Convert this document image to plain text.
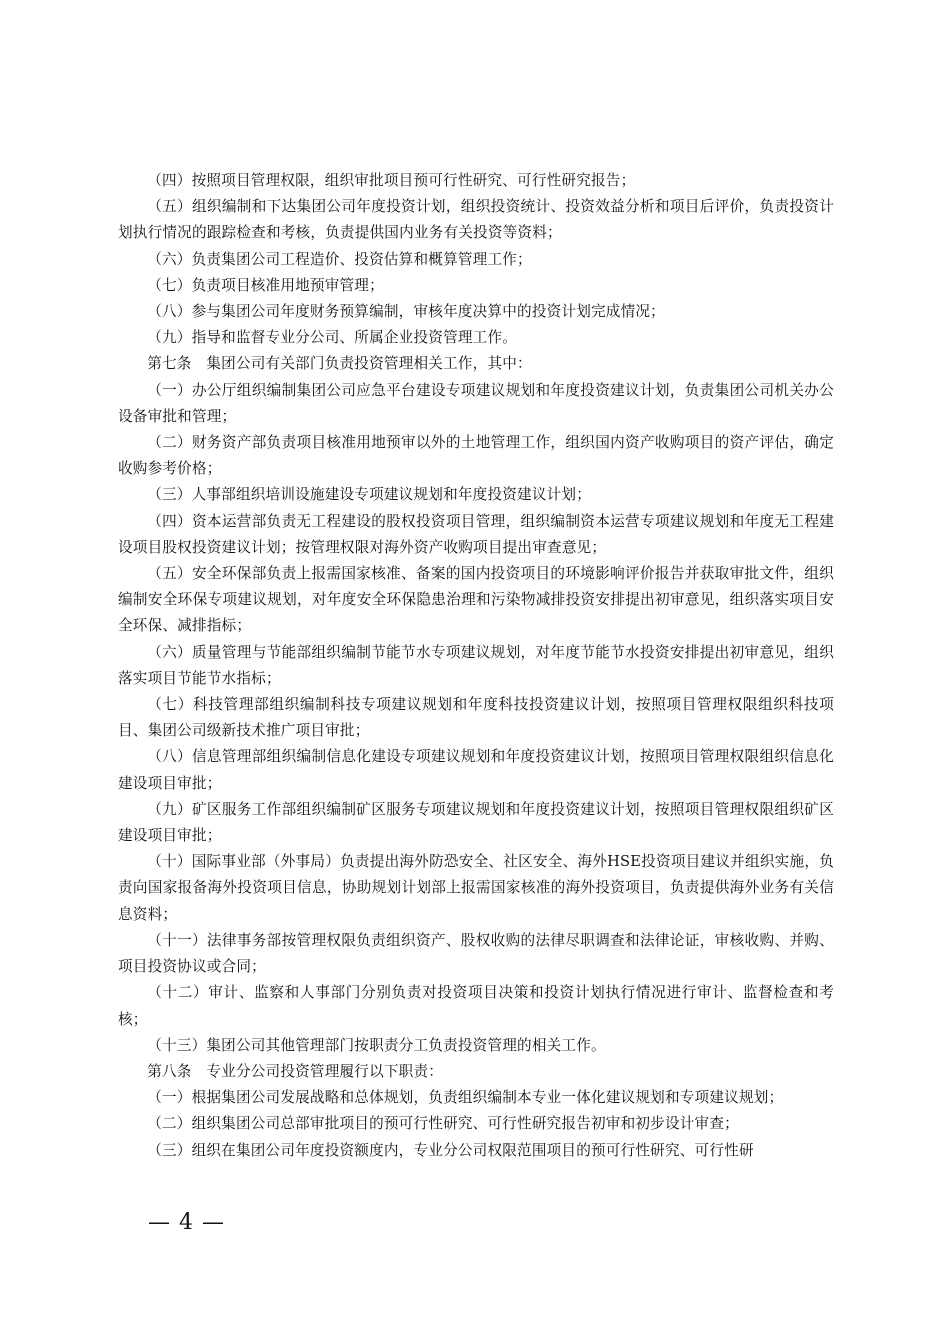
（四）按照项目管理权限，组织审批项目预可行性研究、可行性研究报告；

（五）组织编制和下达集团公司年度投资计划，组织投资统计、投资效益分析和项目后评价，负责投资计划执行情况的跟踪检查和考核，负责提供国内业务有关投资等资料；

（六）负责集团公司工程造价、投资估算和概算管理工作；

（七）负责项目核准用地预审管理；

（八）参与集团公司年度财务预算编制，审核年度决算中的投资计划完成情况；

（九）指导和监督专业分公司、所属企业投资管理工作。

第七条　集团公司有关部门负责投资管理相关工作，其中：

（一）办公厅组织编制集团公司应急平台建设专项建议规划和年度投资建议计划，负责集团公司机关办公设备审批和管理；

（二）财务资产部负责项目核准用地预审以外的土地管理工作，组织国内资产收购项目的资产评估，确定收购参考价格；

（三）人事部组织培训设施建设专项建议规划和年度投资建议计划；

（四）资本运营部负责无工程建设的股权投资项目管理，组织编制资本运营专项建议规划和年度无工程建设项目股权投资建议计划；按管理权限对海外资产收购项目提出审查意见；

（五）安全环保部负责上报需国家核准、备案的国内投资项目的环境影响评价报告并获取审批文件，组织编制安全环保专项建议规划，对年度安全环保隐患治理和污染物减排投资安排提出初审意见，组织落实项目安全环保、减排指标；

（六）质量管理与节能部组织编制节能节水专项建议规划，对年度节能节水投资安排提出初审意见，组织落实项目节能节水指标；

（七）科技管理部组织编制科技专项建议规划和年度科技投资建议计划，按照项目管理权限组织科技项目、集团公司级新技术推广项目审批；

（八）信息管理部组织编制信息化建设专项建议规划和年度投资建议计划，按照项目管理权限组织信息化建设项目审批；

（九）矿区服务工作部组织编制矿区服务专项建议规划和年度投资建议计划，按照项目管理权限组织矿区建设项目审批；

（十）国际事业部（外事局）负责提出海外防恐安全、社区安全、海外HSE投资项目建议并组织实施，负责向国家报备海外投资项目信息，协助规划计划部上报需国家核准的海外投资项目，负责提供海外业务有关信息资料；

（十一）法律事务部按管理权限负责组织资产、股权收购的法律尽职调查和法律论证，审核收购、并购、项目投资协议或合同；

（十二）审计、监察和人事部门分别负责对投资项目决策和投资计划执行情况进行审计、监督检查和考核；

（十三）集团公司其他管理部门按职责分工负责投资管理的相关工作。

第八条　专业分公司投资管理履行以下职责：

（一）根据集团公司发展战略和总体规划，负责组织编制本专业一体化建议规划和专项建议规划；

（二）组织集团公司总部审批项目的预可行性研究、可行性研究报告初审和初步设计审查；

（三）组织在集团公司年度投资额度内，专业分公司权限范围项目的预可行性研究、可行性研

— 4 —
